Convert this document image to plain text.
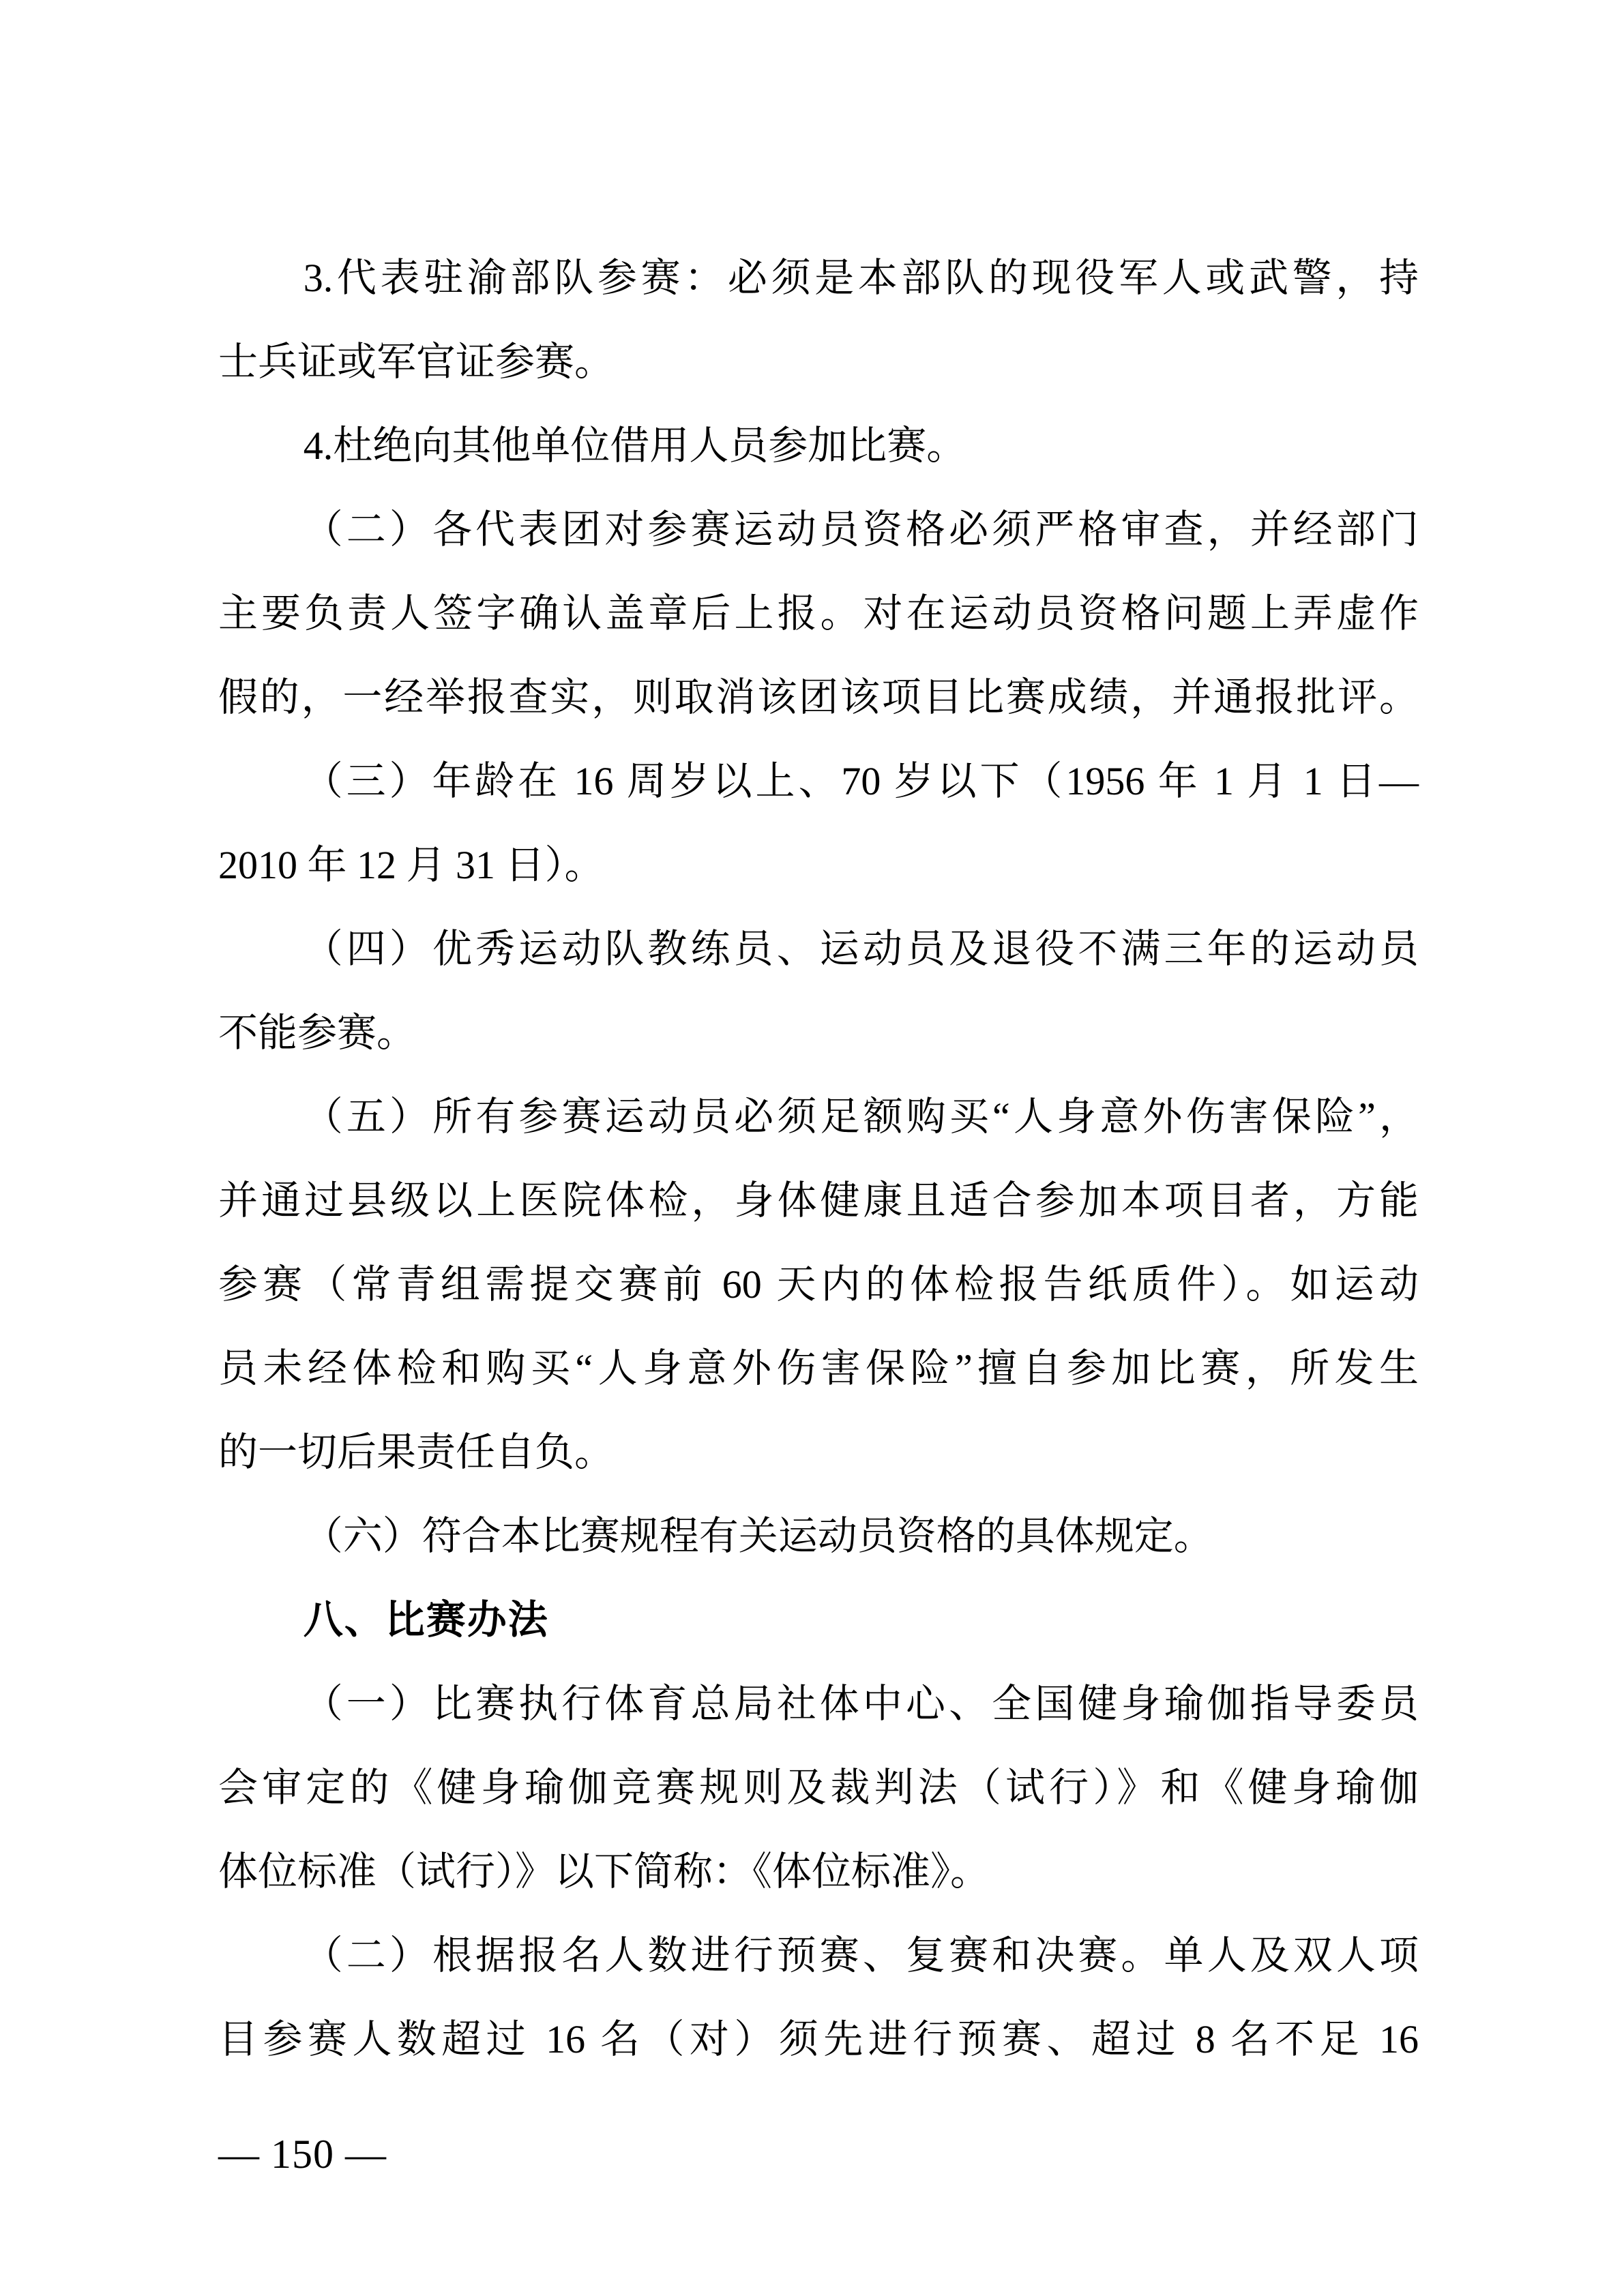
3.代表驻渝部队参赛：必须是本部队的现役军人或武警，持

士兵证或军官证参赛。

4.杜绝向其他单位借用人员参加比赛。

（二）各代表团对参赛运动员资格必须严格审查，并经部门

主要负责人签字确认盖章后上报。对在运动员资格问题上弄虚作

假的，一经举报查实，则取消该团该项目比赛成绩，并通报批评。

（三）年龄在 16 周岁以上、70 岁以下（1956 年 1 月 1 日—

2010 年 12 月 31 日）。

（四）优秀运动队教练员、运动员及退役不满三年的运动员

不能参赛。

（五）所有参赛运动员必须足额购买“人身意外伤害保险”，

并通过县级以上医院体检，身体健康且适合参加本项目者，方能

参赛（常青组需提交赛前 60 天内的体检报告纸质件）。如运动

员未经体检和购买“人身意外伤害保险”擅自参加比赛，所发生

的一切后果责任自负。

（六）符合本比赛规程有关运动员资格的具体规定。

八、比赛办法

（一）比赛执行体育总局社体中心、全国健身瑜伽指导委员

会审定的《健身瑜伽竞赛规则及裁判法（试行）》和《健身瑜伽

体位标准（试行）》以下简称：《体位标准》。

（二）根据报名人数进行预赛、复赛和决赛。单人及双人项

目参赛人数超过 16 名（对）须先进行预赛、超过 8 名不足 16

— 150 —
